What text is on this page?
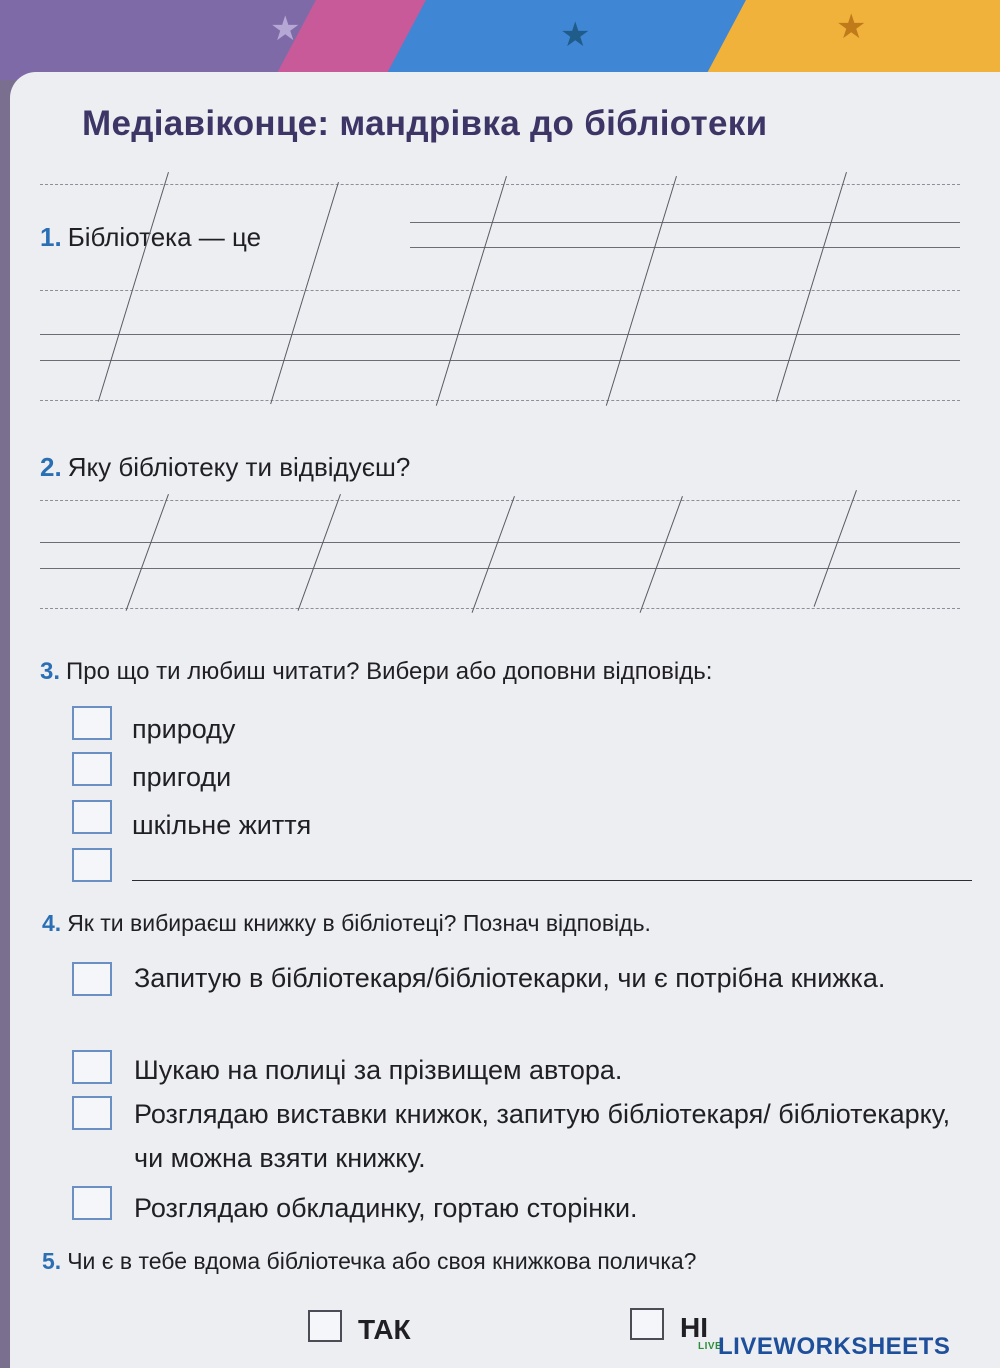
★	★	★
Медіавіконце: мандрівка до бібліотеки
1. Бібліотека — це
2. Яку бібліотеку ти відвідуєш?
3. Про що ти любиш читати? Вибери або доповни відповідь:
природу
пригоди
шкільне життя
4. Як ти вибираєш книжку в бібліотеці? Познач відповідь.
Запитую в бібліотекаря/бібліотекарки, чи є потрібна книжка.
Шукаю на полиці за прізвищем автора.
Розглядаю виставки книжок, запитую бібліотекаря/ бібліотекарку, чи можна взяти книжку.
Розглядаю обкладинку, гортаю сторінки.
5. Чи є в тебе вдома бібліотечка або своя книжкова поличка?
ТАК	НІ
LIVE
LIVEWORKSHEETS
